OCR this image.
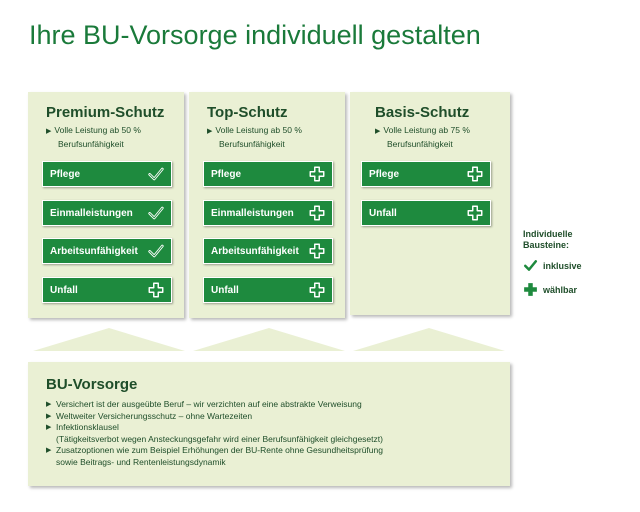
Ihre BU-Vorsorge individuell gestalten
Premium-Schutz
▶ Volle Leistung ab 50 %
Berufsunfähigkeit
Pflege
Einmalleistungen
Arbeitsunfähigkeit
Unfall
Top-Schutz
▶ Volle Leistung ab 50 %
Berufsunfähigkeit
Pflege
Einmalleistungen
Arbeitsunfähigkeit
Unfall
Basis-Schutz
▶ Volle Leistung ab 75 %
Berufsunfähigkeit
Pflege
Unfall
Individuelle
Bausteine:
inklusive
wählbar
BU-Vorsorge
▶ Versichert ist der ausgeübte Beruf – wir verzichten auf eine abstrakte Verweisung
▶ Weltweiter Versicherungsschutz – ohne Wartezeiten
▶ Infektionsklausel
(Tätigkeitsverbot wegen Ansteckungsgefahr wird einer Berufsunfähigkeit gleichgesetzt)
▶ Zusatzoptionen wie zum Beispiel Erhöhungen der BU-Rente ohne Gesundheitsprüfung
sowie Beitrags- und Rentenleistungsdynamik
